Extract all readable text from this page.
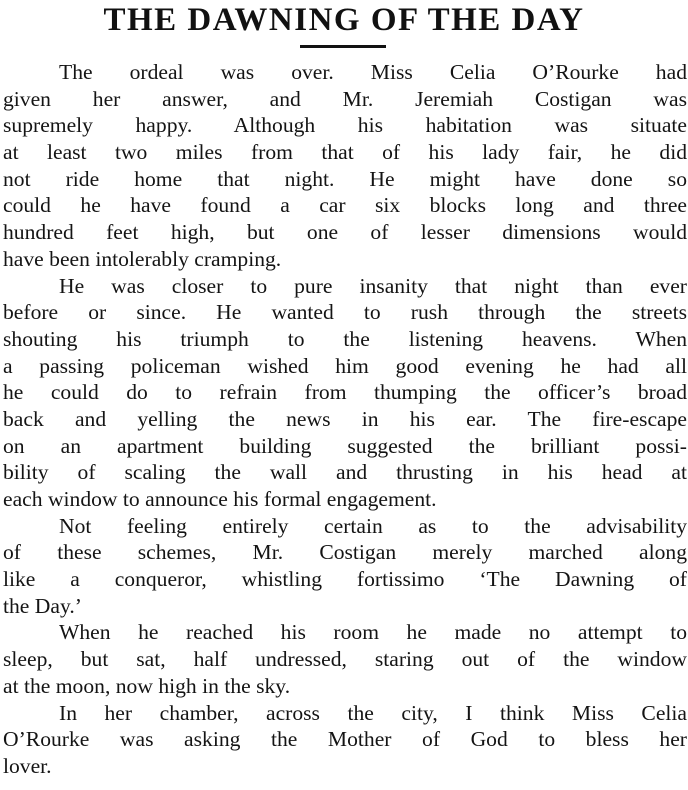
THE DAWNING OF THE DAY
The ordeal was over. Miss Celia O’Rourke had
given her answer, and Mr. Jeremiah Costigan was
supremely happy. Although his habitation was situate
at least two miles from that of his lady fair, he did
not ride home that night. He might have done so
could he have found a car six blocks long and three
hundred feet high, but one of lesser dimensions would
have been intolerably cramping.
He was closer to pure insanity that night than ever
before or since. He wanted to rush through the streets
shouting his triumph to the listening heavens. When
a passing policeman wished him good evening he had all
he could do to refrain from thumping the officer’s broad
back and yelling the news in his ear. The fire-escape
on an apartment building suggested the brilliant possi-
bility of scaling the wall and thrusting in his head at
each window to announce his formal engagement.
Not feeling entirely certain as to the advisability
of these schemes, Mr. Costigan merely marched along
like a conqueror, whistling fortissimo ‘The Dawning of
the Day.’
When he reached his room he made no attempt to
sleep, but sat, half undressed, staring out of the window
at the moon, now high in the sky.
In her chamber, across the city, I think Miss Celia
O’Rourke was asking the Mother of God to bless her
lover.
